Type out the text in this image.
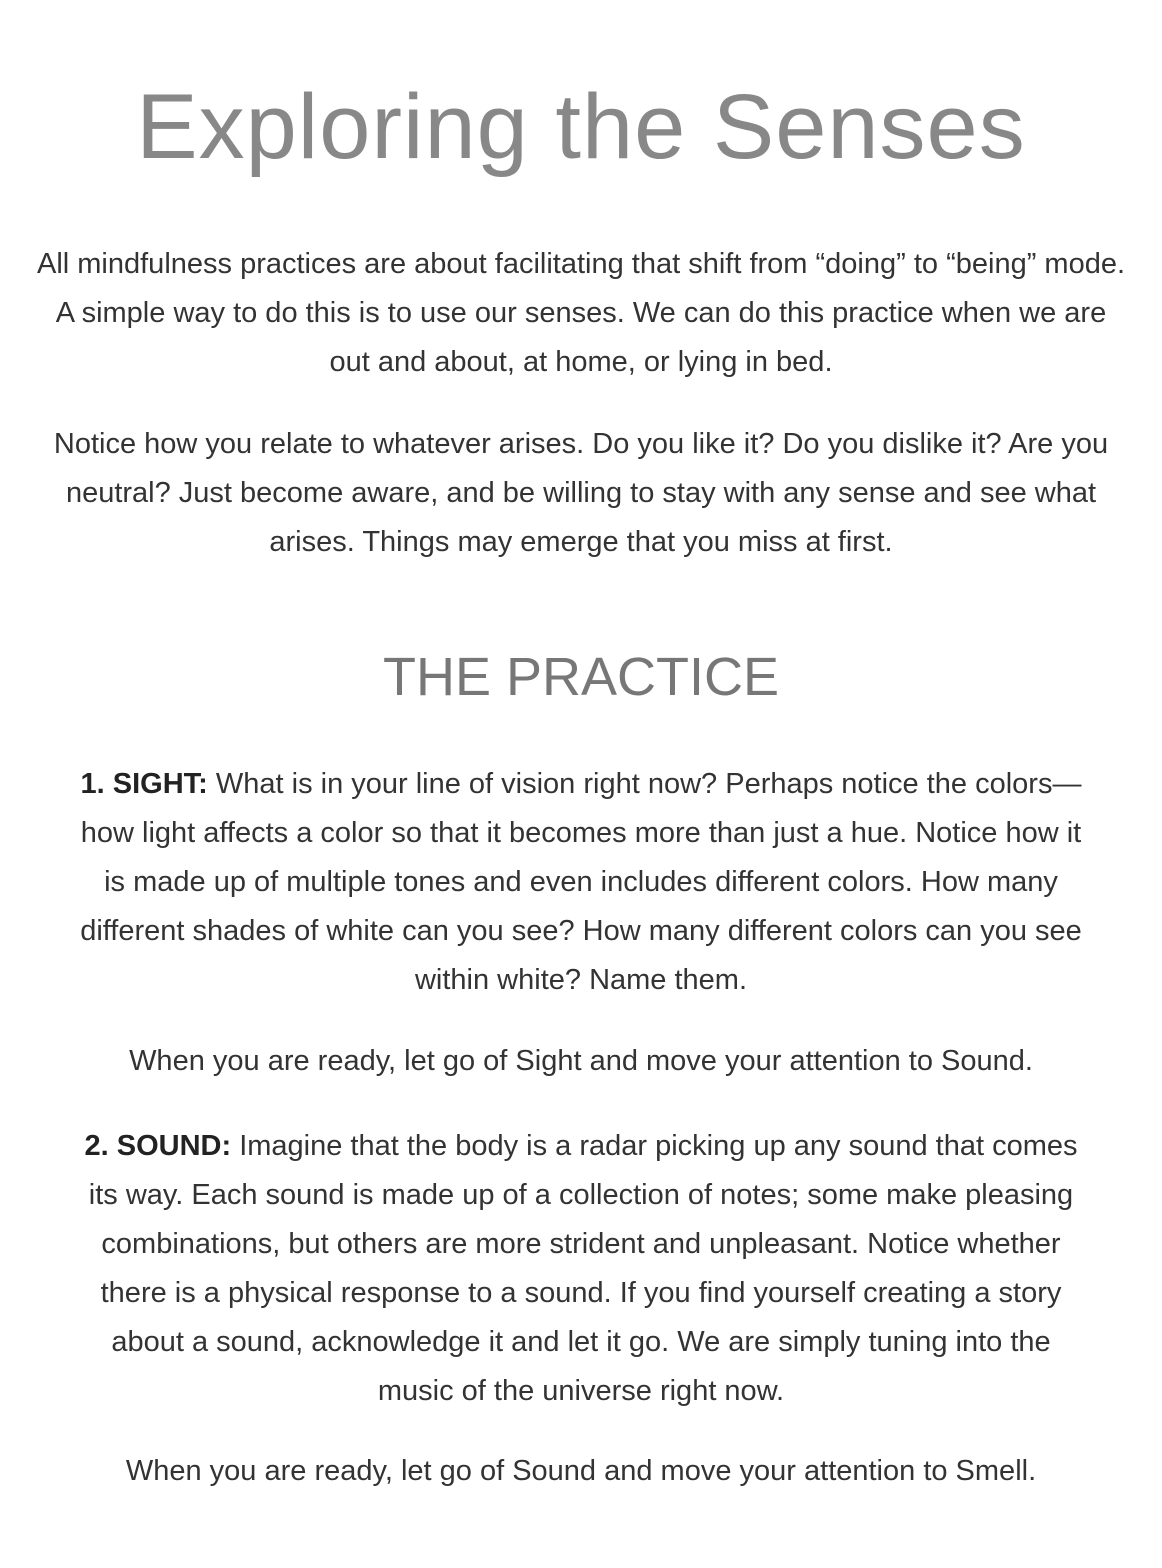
Exploring the Senses

All mindfulness practices are about facilitating that shift from “doing” to “being” mode. A simple way to do this is to use our senses. We can do this practice when we are out and about, at home, or lying in bed.

Notice how you relate to whatever arises. Do you like it? Do you dislike it? Are you neutral? Just become aware, and be willing to stay with any sense and see what arises. Things may emerge that you miss at first.

THE PRACTICE

1. SIGHT: What is in your line of vision right now? Perhaps notice the colors—how light affects a color so that it becomes more than just a hue. Notice how it is made up of multiple tones and even includes different colors. How many different shades of white can you see? How many different colors can you see within white? Name them.

When you are ready, let go of Sight and move your attention to Sound.

2. SOUND: Imagine that the body is a radar picking up any sound that comes its way. Each sound is made up of a collection of notes; some make pleasing combinations, but others are more strident and unpleasant. Notice whether there is a physical response to a sound. If you find yourself creating a story about a sound, acknowledge it and let it go. We are simply tuning into the music of the universe right now.

When you are ready, let go of Sound and move your attention to Smell.
